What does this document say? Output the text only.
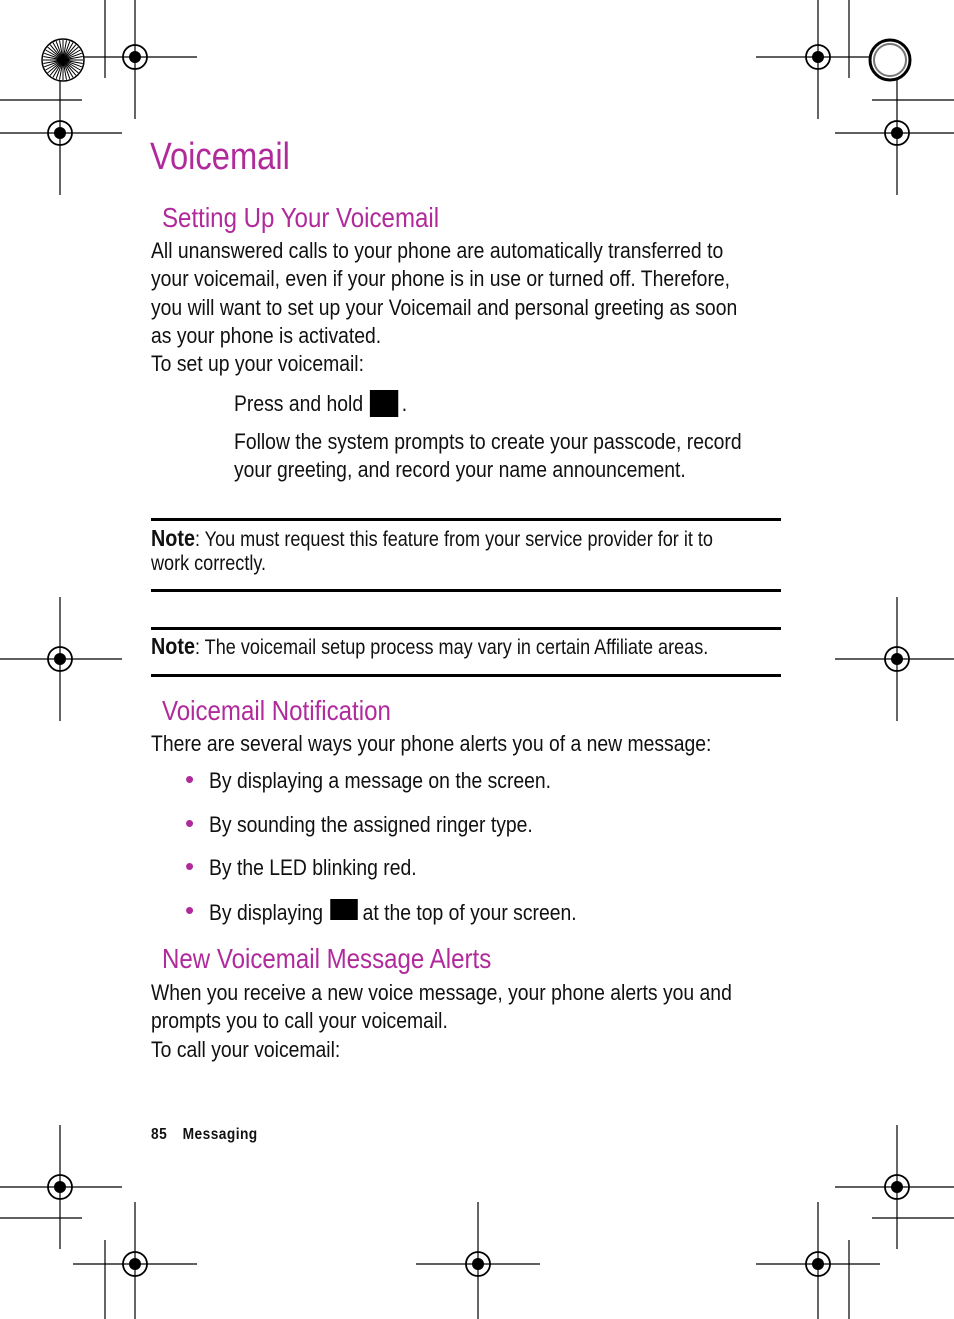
Voicemail
Setting Up Your Voicemail
All unanswered calls to your phone are automatically transferred to
your voicemail, even if your phone is in use or turned off. Therefore,
you will want to set up your Voicemail and personal greeting as soon
as your phone is activated.
To set up your voicemail:
Press and hold .
Follow the system prompts to create your passcode, record
your greeting, and record your name announcement.
Note: You must request this feature from your service provider for it to
work correctly.
Note: The voicemail setup process may vary in certain Affiliate areas.
Voicemail Notification
There are several ways your phone alerts you of a new message:
• By displaying a message on the screen.
• By sounding the assigned ringer type.
• By the LED blinking red.
• By displaying at the top of your screen.
New Voicemail Message Alerts
When you receive a new voice message, your phone alerts you and
prompts you to call your voicemail.
To call your voicemail:
85 Messaging
